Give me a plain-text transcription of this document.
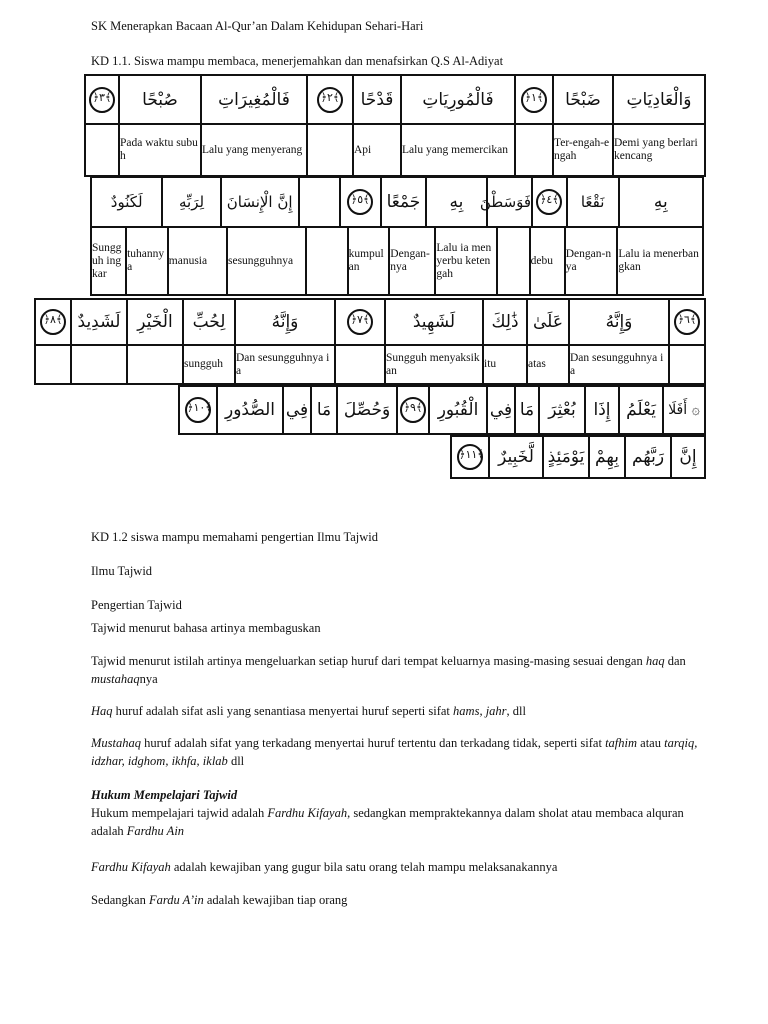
SK Menerapkan Bacaan Al-Qur’an Dalam Kehidupan Sehari-Hari
KD 1.1. Siswa mampu membaca, menerjemahkan dan menafsirkan Q.S Al-Adiyat
﴿٣﴾	صُبْحًا	فَالْمُغِيرَاتِ	﴿٢﴾	قَدْحًا	فَالْمُورِيَاتِ	﴿١﴾	ضَبْحًا	وَالْعَادِيَاتِ
	Pada waktu subuh	Lalu yang menyerang		Api	Lalu yang memercikan		Ter-engah-engah	Demi yang berlari kencang
لَكَنُودٌ	لِرَبِّهِ	إِنَّ الْإِنسَانَ		﴿٥﴾	جَمْعًا	بِهِ	فَوَسَطْنَ	﴿٤﴾	نَقْعًا	بِهِ
Sungguh ingkar	tuhannya	manusia	sesungguhnya		kumpulan	Dengan-nya	Lalu ia menyerbu ketengah		debu	Dengan-nya	Lalu ia menerbangkan
﴿٨﴾	لَشَدِيدٌ	الْخَيْرِ	لِحُبِّ	وَإِنَّهُ	﴿٧﴾	لَشَهِيدٌ	ذَٰلِكَ	عَلَىٰ	وَإِنَّهُ	﴿٦﴾
			sungguh	Dan sesungguhnya ia		Sungguh menyaksikan	itu	atas	Dan sesungguhnya ia	
﴿١٠﴾	الصُّدُورِ	فِي	مَا	وَحُصِّلَ	﴿٩﴾	الْقُبُورِ	فِي	مَا	بُعْثِرَ	إِذَا	يَعْلَمُ	۞ أَفَلَا
﴿١١﴾	لَّخَبِيرٌ	يَوْمَئِذٍ	بِهِمْ	رَبَّهُم	إِنَّ
KD 1.2 siswa mampu memahami pengertian Ilmu Tajwid
Ilmu Tajwid
Pengertian Tajwid
Tajwid menurut bahasa artinya membaguskan
Tajwid menurut istilah artinya mengeluarkan setiap huruf dari tempat keluarnya masing-masing sesuai dengan haq dan mustahaqnya
Haq huruf adalah sifat asli yang senantiasa menyertai huruf seperti sifat hams, jahr, dll
Mustahaq huruf adalah sifat yang terkadang menyertai huruf tertentu dan terkadang tidak, seperti sifat tafhim atau tarqiq, idzhar, idghom, ikhfa, iklab dll
Hukum Mempelajari Tajwid
Hukum mempelajari tajwid adalah Fardhu Kifayah, sedangkan mempraktekannya dalam sholat atau membaca alquran adalah Fardhu Ain
Fardhu Kifayah adalah kewajiban yang gugur bila satu orang telah mampu melaksanakannya
Sedangkan Fardu A’in adalah kewajiban tiap orang
